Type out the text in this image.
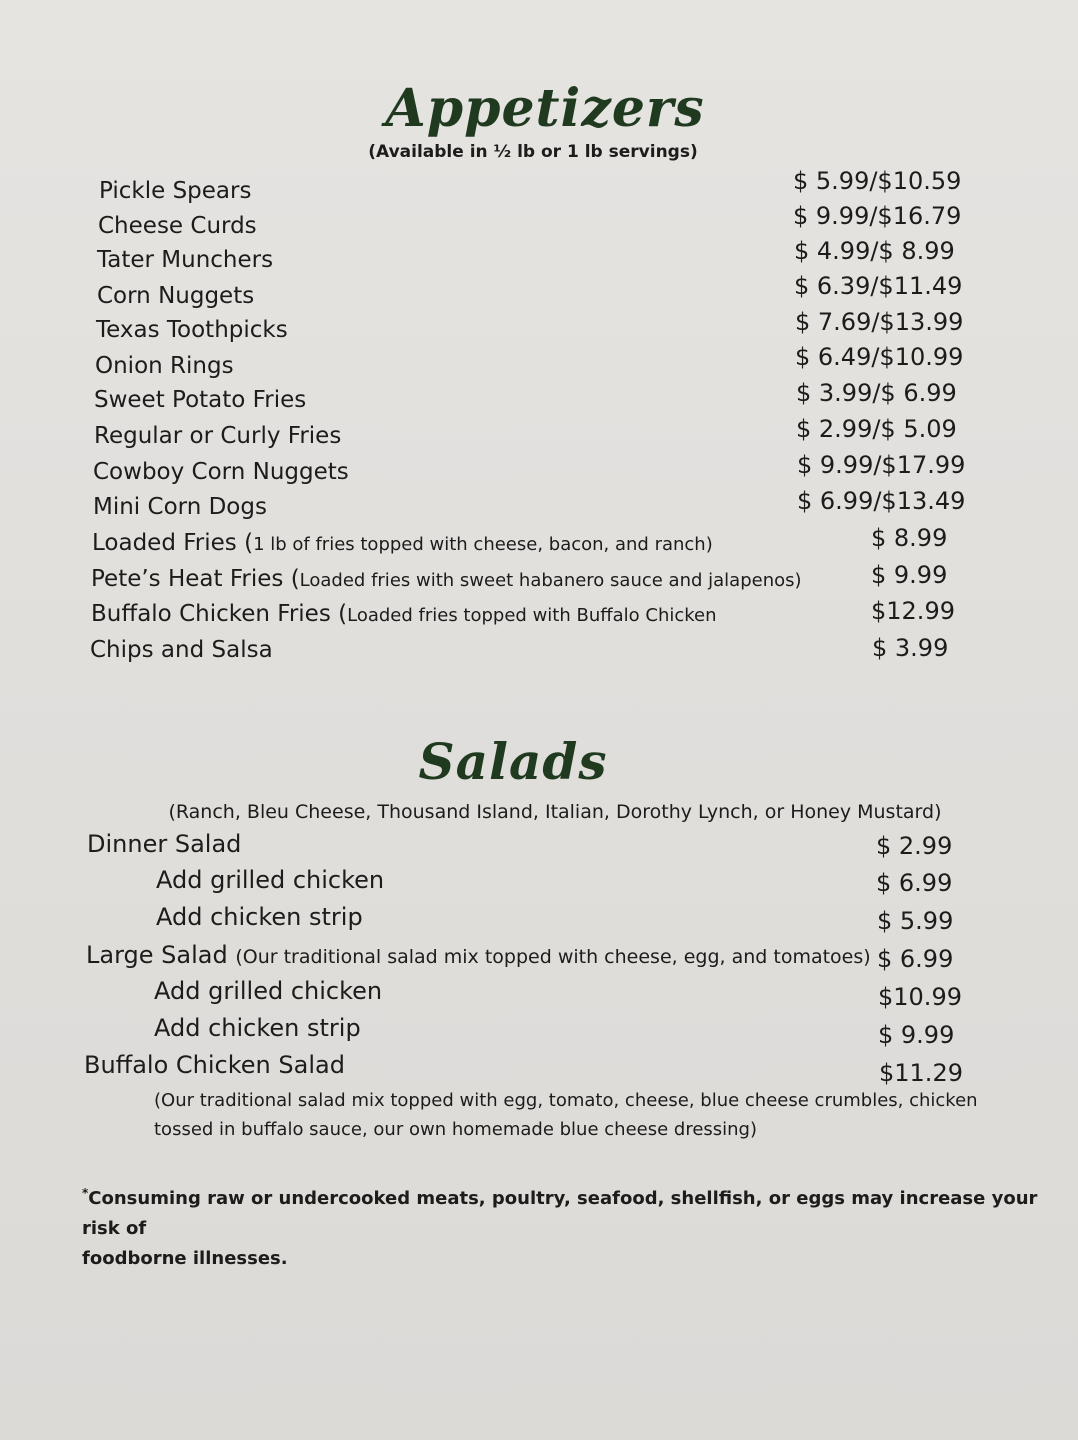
Appetizers
(Available in ½ lb or 1 lb servings)
Pickle Spears	$ 5.99/$10.59
Cheese Curds	$ 9.99/$16.79
Tater Munchers	$ 4.99/$ 8.99
Corn Nuggets	$ 6.39/$11.49
Texas Toothpicks	$ 7.69/$13.99
Onion Rings	$ 6.49/$10.99
Sweet Potato Fries	$ 3.99/$ 6.99
Regular or Curly Fries	$ 2.99/$ 5.09
Cowboy Corn Nuggets	$ 9.99/$17.99
Mini Corn Dogs	$ 6.99/$13.49
Loaded Fries (1 lb of fries topped with cheese, bacon, and ranch)	$ 8.99
Pete’s Heat Fries (Loaded fries with sweet habanero sauce and jalapenos)	$ 9.99
Buffalo Chicken Fries (Loaded fries topped with Buffalo Chicken	$12.99
Chips and Salsa	$ 3.99
Salads
(Ranch, Bleu Cheese, Thousand Island, Italian, Dorothy Lynch, or Honey Mustard)
Dinner Salad	$ 2.99
Add grilled chicken	$ 6.99
Add chicken strip	$ 5.99
Large Salad (Our traditional salad mix topped with cheese, egg, and tomatoes) $ 6.99
Add grilled chicken	$10.99
Add chicken strip	$ 9.99
Buffalo Chicken Salad	$11.29
(Our traditional salad mix topped with egg, tomato, cheese, blue cheese crumbles, chicken
tossed in buffalo sauce, our own homemade blue cheese dressing)
*Consuming raw or undercooked meats, poultry, seafood, shellfish, or eggs may increase your risk of
foodborne illnesses.
